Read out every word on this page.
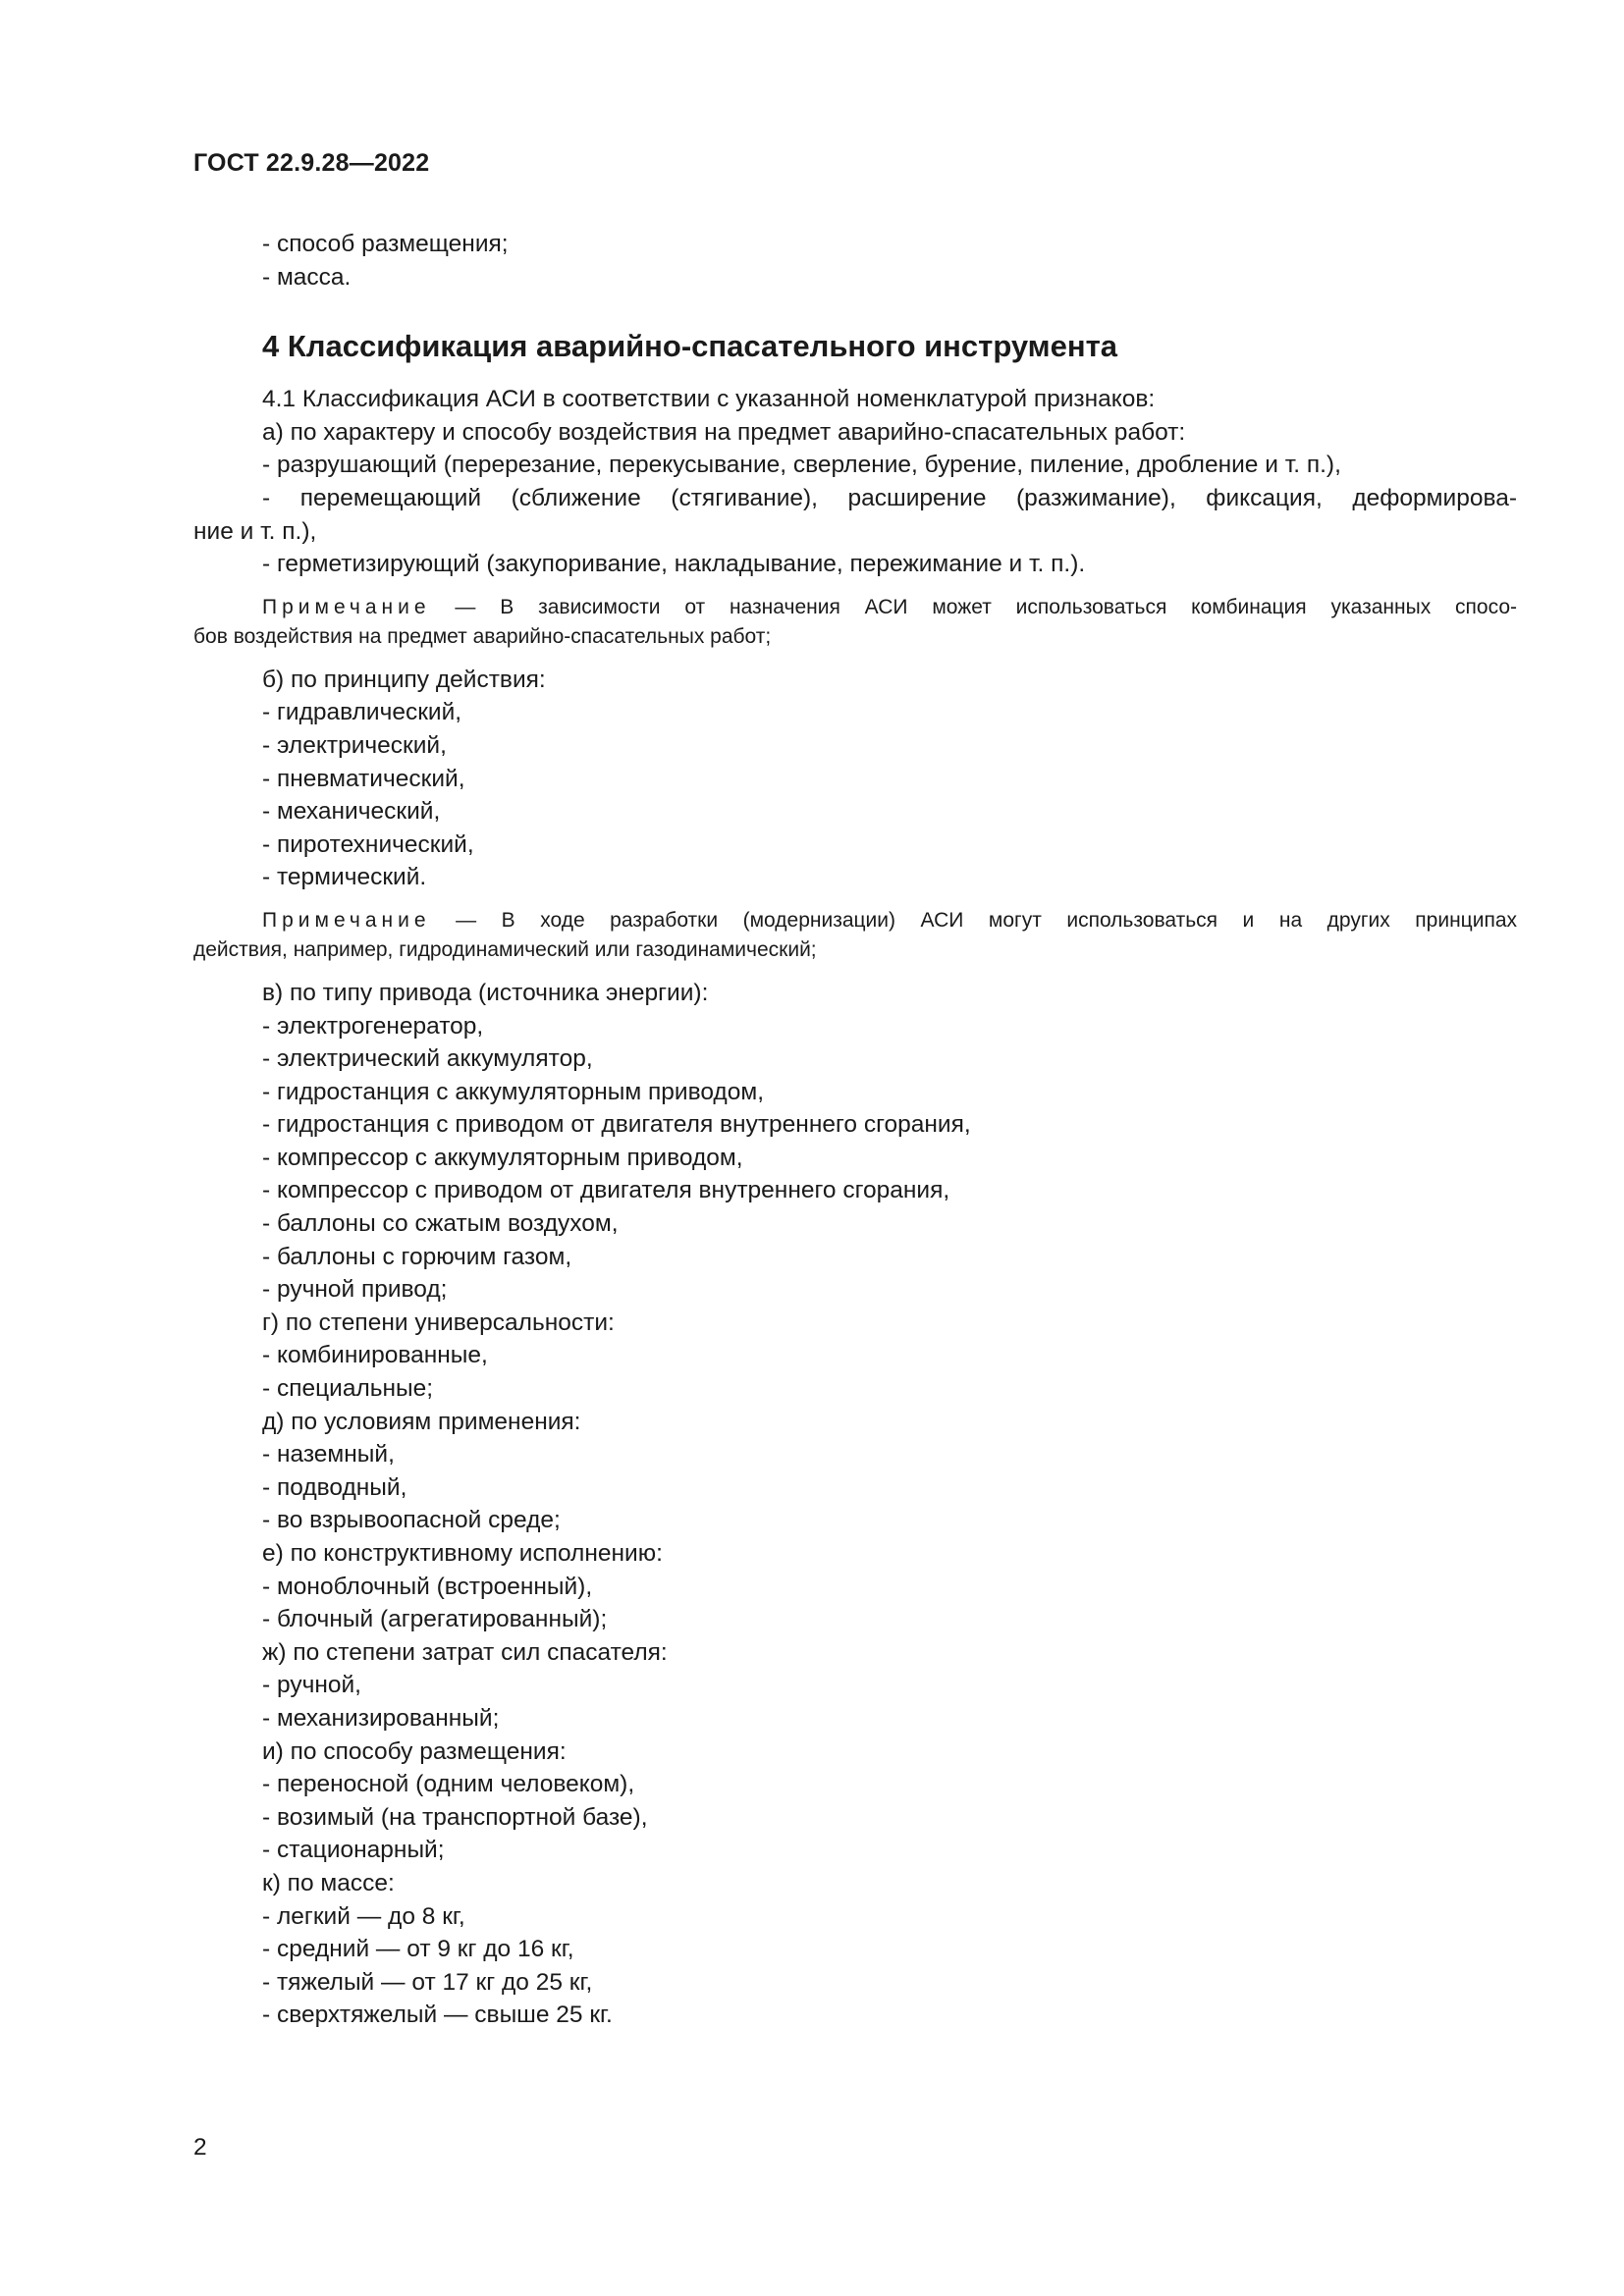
ГОСТ 22.9.28—2022
- способ размещения;
- масса.
4 Классификация аварийно-спасательного инструмента
4.1 Классификация АСИ в соответствии с указанной номенклатурой признаков:
а) по характеру и способу воздействия на предмет аварийно-спасательных работ:
- разрушающий (перерезание, перекусывание, сверление, бурение, пиление, дробление и т. п.),
- перемещающий (сближение (стягивание), расширение (разжимание), фиксация, деформирова-
ние и т. п.),
- герметизирующий (закупоривание, накладывание, пережимание и т. п.).
Примечание — В зависимости от назначения АСИ может использоваться комбинация указанных спосо-
бов воздействия на предмет аварийно-спасательных работ;
б) по принципу действия:
- гидравлический,
- электрический,
- пневматический,
- механический,
- пиротехнический,
- термический.
Примечание — В ходе разработки (модернизации) АСИ могут использоваться и на других принципах
действия, например, гидродинамический или газодинамический;
в) по типу привода (источника энергии):
- электрогенератор,
- электрический аккумулятор,
- гидростанция с аккумуляторным приводом,
- гидростанция с приводом от двигателя внутреннего сгорания,
- компрессор с аккумуляторным приводом,
- компрессор с приводом от двигателя внутреннего сгорания,
- баллоны со сжатым воздухом,
- баллоны с горючим газом,
- ручной привод;
г) по степени универсальности:
- комбинированные,
- специальные;
д) по условиям применения:
- наземный,
- подводный,
- во взрывоопасной среде;
е) по конструктивному исполнению:
- моноблочный (встроенный),
- блочный (агрегатированный);
ж) по степени затрат сил спасателя:
- ручной,
- механизированный;
и) по способу размещения:
- переносной (одним человеком),
- возимый (на транспортной базе),
- стационарный;
к) по массе:
- легкий — до 8 кг,
- средний — от 9 кг до 16 кг,
- тяжелый — от 17 кг до 25 кг,
- сверхтяжелый — свыше 25 кг.
2
